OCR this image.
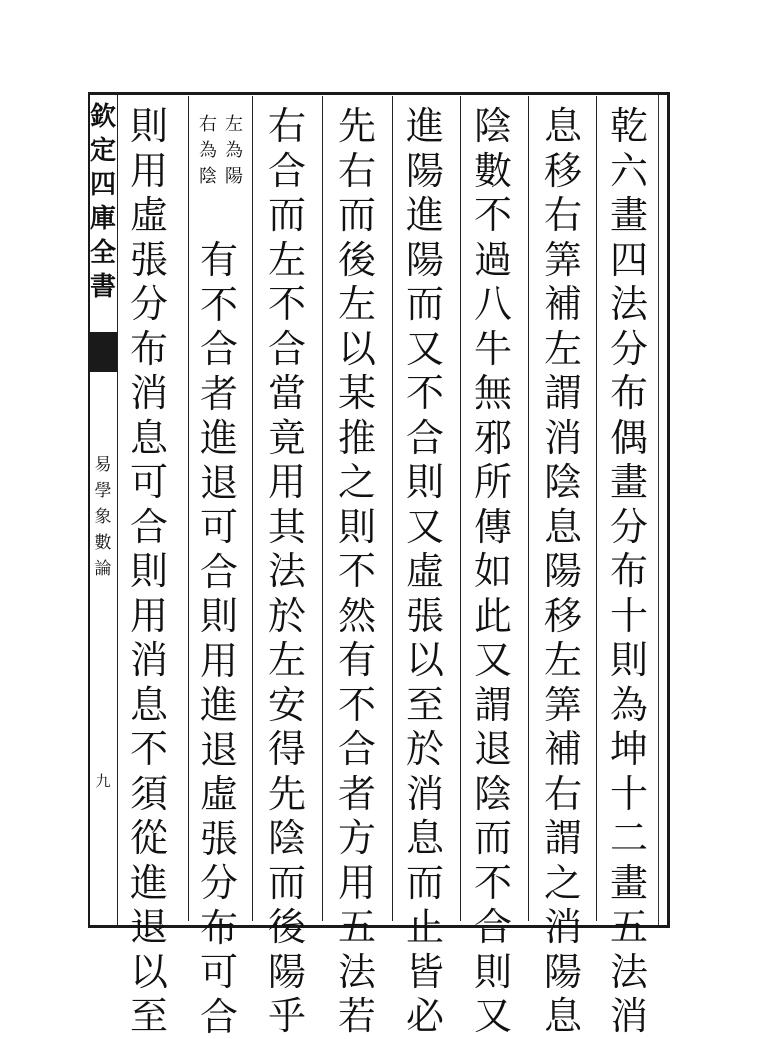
欽
定
四
庫
全
書
易
學
象
數
論
九
乾
六
畫
四
法
分
布
偶
畫
分
布
十
則
為
坤
十
二
畫
五
法
消
息
移
右
筭
補
左
謂
消
陰
息
陽
移
左
筭
補
右
謂
之
消
陽
息
陰
數
不
過
八
牛
無
邪
所
傳
如
此
又
謂
退
陰
而
不
合
則
又
進
陽
進
陽
而
又
不
合
則
又
虛
張
以
至
於
消
息
而
止
皆
必
先
右
而
後
左
以
某
推
之
則
不
然
有
不
合
者
方
用
五
法
若
右
合
而
左
不
合
當
竟
用
其
法
於
左
安
得
先
陰
而
後
陽
乎
有
不
合
者
進
退
可
合
則
用
進
退
虛
張
分
布
可
合
則
用
虛
張
分
布
消
息
可
合
則
用
消
息
不
須
從
進
退
以
至
左
為
陽
右
為
陰
